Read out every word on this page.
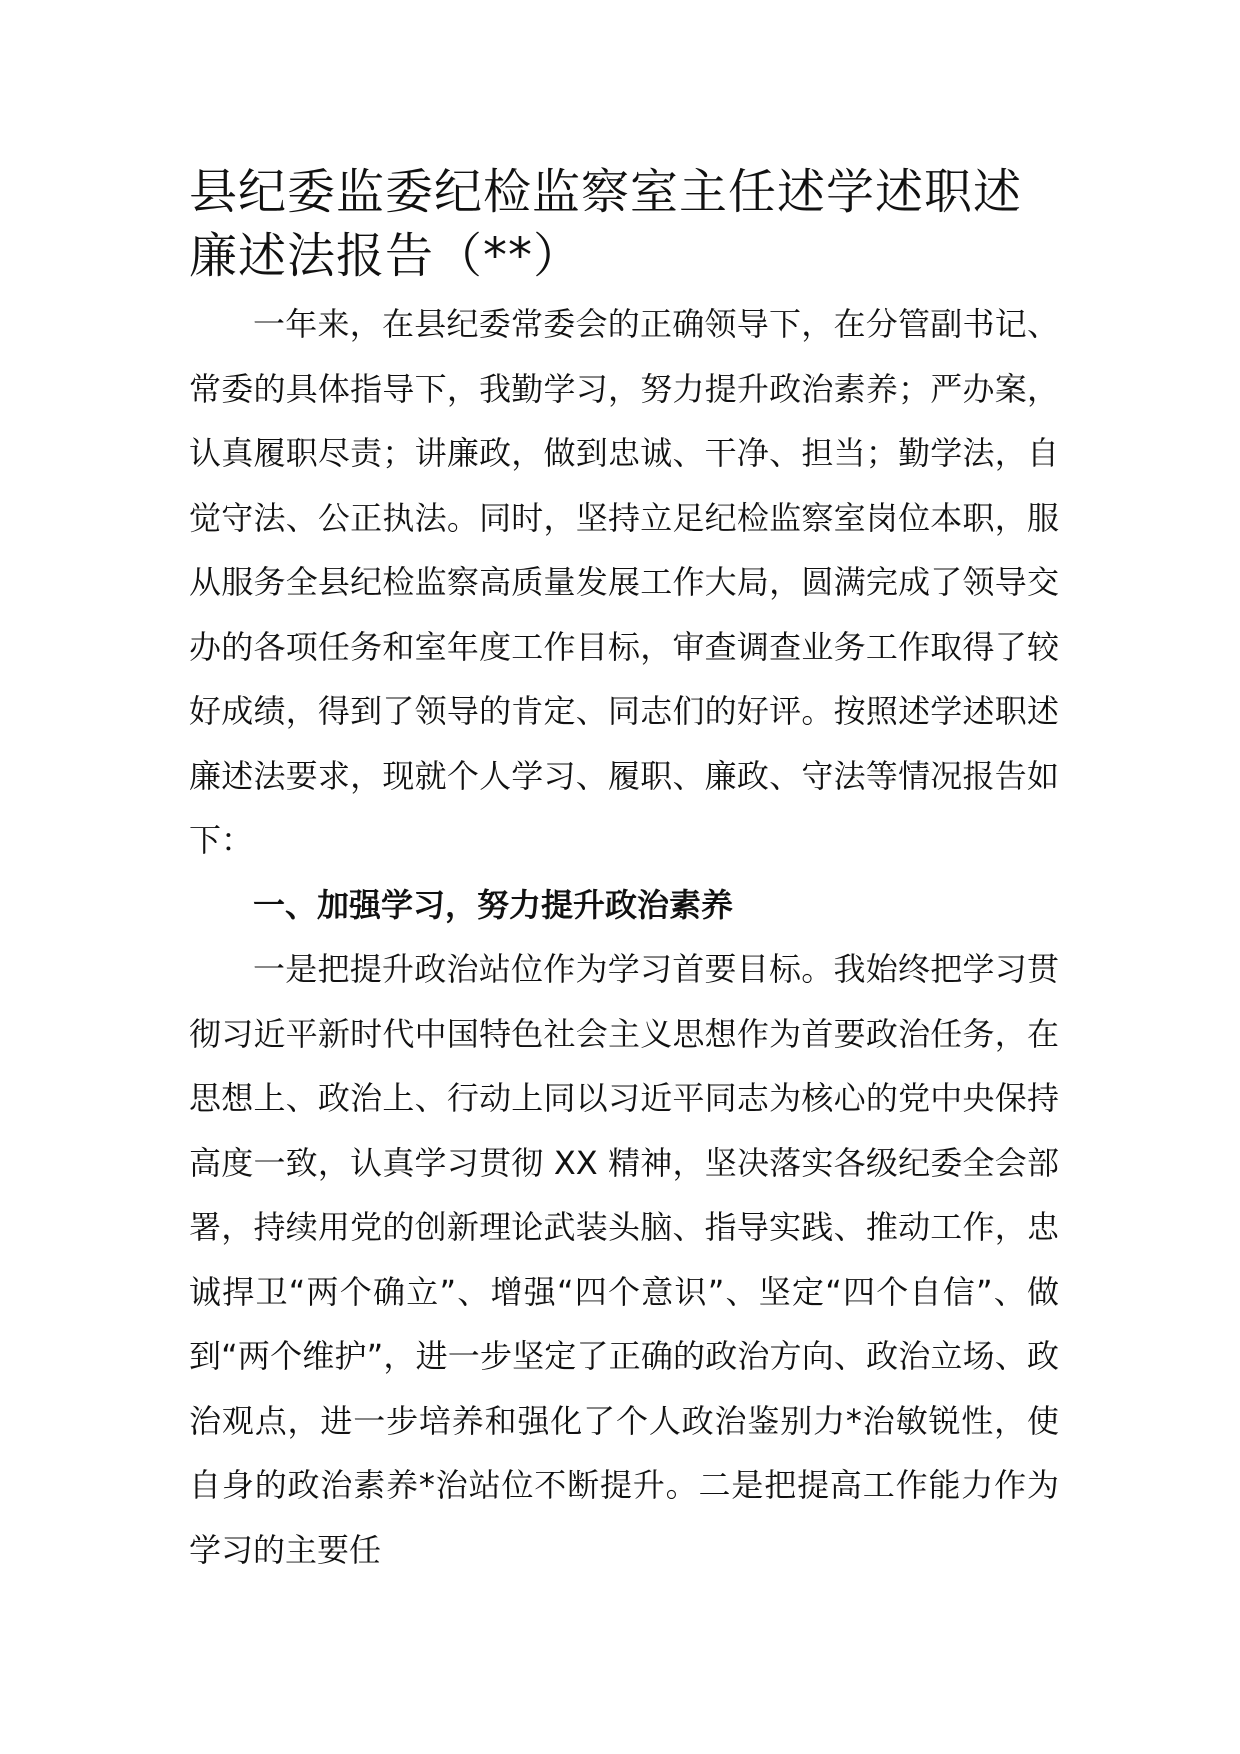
县纪委监委纪检监察室主任述学述职述廉述法报告（**）

一年来，在县纪委常委会的正确领导下，在分管副书记、常委的具体指导下，我勤学习，努力提升政治素养；严办案，认真履职尽责；讲廉政，做到忠诚、干净、担当；勤学法，自觉守法、公正执法。同时，坚持立足纪检监察室岗位本职，服从服务全县纪检监察高质量发展工作大局，圆满完成了领导交办的各项任务和室年度工作目标，审查调查业务工作取得了较好成绩，得到了领导的肯定、同志们的好评。按照述学述职述廉述法要求，现就个人学习、履职、廉政、守法等情况报告如下：

一、加强学习，努力提升政治素养

一是把提升政治站位作为学习首要目标。我始终把学习贯彻习近平新时代中国特色社会主义思想作为首要政治任务，在思想上、政治上、行动上同以习近平同志为核心的党中央保持高度一致，认真学习贯彻 XX 精神，坚决落实各级纪委全会部署，持续用党的创新理论武装头脑、指导实践、推动工作，忠诚捍卫“两个确立”、增强“四个意识”、坚定“四个自信”、做到“两个维护”，进一步坚定了正确的政治方向、政治立场、政治观点，进一步培养和强化了个人政治鉴别力*治敏锐性，使自身的政治素养*治站位不断提升。二是把提高工作能力作为学习的主要任
